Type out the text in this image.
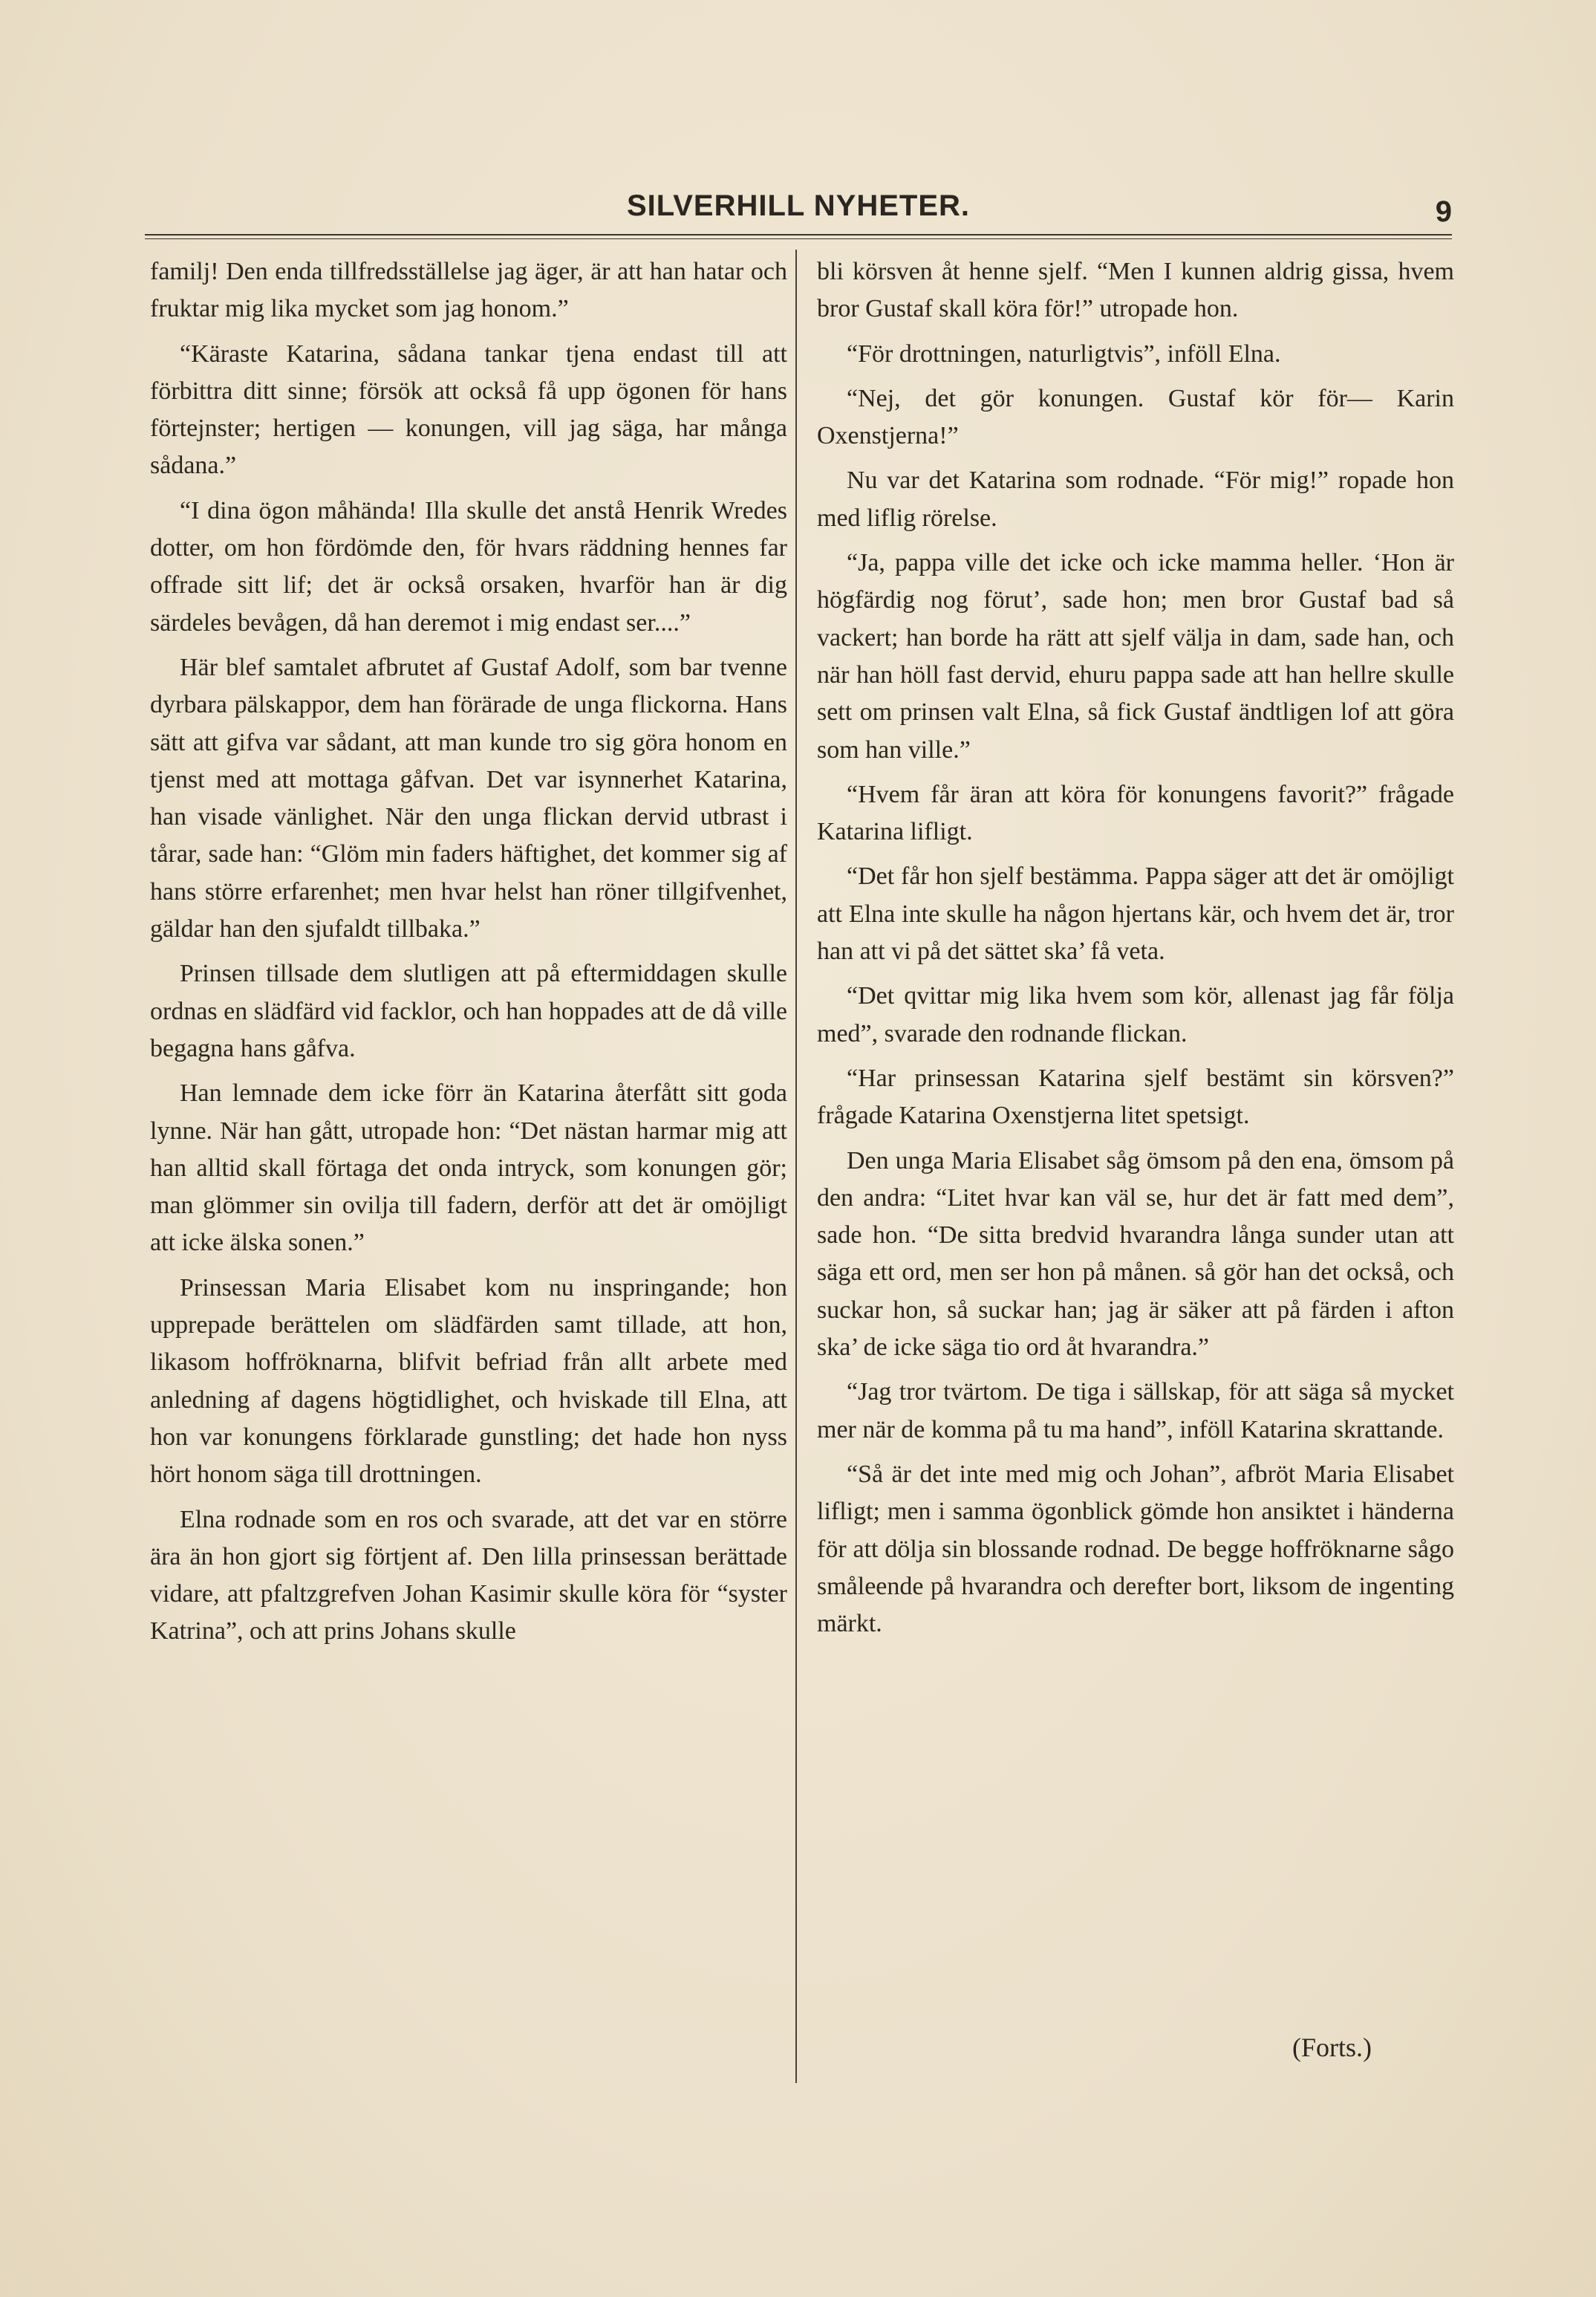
SILVERHILL NYHETER.	9

familj! Den enda tillfredsställelse jag äger, är att han hatar och fruktar mig lika mycket som jag honom.”

“Käraste Katarina, sådana tankar tjena endast till att förbittra ditt sinne; försök att också få upp ögonen för hans förtejnster; hertigen — konungen, vill jag säga, har många sådana.”

“I dina ögon måhända! Illa skulle det anstå Henrik Wredes dotter, om hon fördömde den, för hvars räddning hennes far offrade sitt lif; det är också orsaken, hvarför han är dig särdeles bevågen, då han deremot i mig endast ser....”

Här blef samtalet afbrutet af Gustaf Adolf, som bar tvenne dyrbara pälskappor, dem han förärade de unga flickorna. Hans sätt att gifva var sådant, att man kunde tro sig göra honom en tjenst med att mottaga gåfvan. Det var isynnerhet Katarina, han visade vänlighet. När den unga flickan dervid utbrast i tårar, sade han: “Glöm min faders häftighet, det kommer sig af hans större erfarenhet; men hvar helst han röner tillgifvenhet, gäldar han den sjufaldt tillbaka.”

Prinsen tillsade dem slutligen att på eftermiddagen skulle ordnas en slädfärd vid facklor, och han hoppades att de då ville begagna hans gåfva.

Han lemnade dem icke förr än Katarina återfått sitt goda lynne. När han gått, utropade hon: “Det nästan harmar mig att han alltid skall förtaga det onda intryck, som konungen gör; man glömmer sin ovilja till fadern, derför att det är omöjligt att icke älska sonen.”

Prinsessan Maria Elisabet kom nu inspringande; hon upprepade berättelen om slädfärden samt tillade, att hon, likasom hoffröknarna, blifvit befriad från allt arbete med anledning af dagens högtidlighet, och hviskade till Elna, att hon var konungens förklarade gunstling; det hade hon nyss hört honom säga till drottningen.

Elna rodnade som en ros och svarade, att det var en större ära än hon gjort sig förtjent af. Den lilla prinsessan berättade vidare, att pfaltzgrefven Johan Kasimir skulle köra för “syster Katrina”, och att prins Johans skulle

bli körsven åt henne sjelf. “Men I kunnen aldrig gissa, hvem bror Gustaf skall köra för!” utropade hon.

“För drottningen, naturligtvis”, inföll Elna.

“Nej, det gör konungen. Gustaf kör för— Karin Oxenstjerna!”

Nu var det Katarina som rodnade. “För mig!” ropade hon med liflig rörelse.

“Ja, pappa ville det icke och icke mamma heller. ‘Hon är högfärdig nog förut’, sade hon; men bror Gustaf bad så vackert; han borde ha rätt att sjelf välja in dam, sade han, och när han höll fast dervid, ehuru pappa sade att han hellre skulle sett om prinsen valt Elna, så fick Gustaf ändtligen lof att göra som han ville.”

“Hvem får äran att köra för konungens favorit?” frågade Katarina lifligt.

“Det får hon sjelf bestämma. Pappa säger att det är omöjligt att Elna inte skulle ha någon hjertans kär, och hvem det är, tror han att vi på det sättet ska’ få veta.

“Det qvittar mig lika hvem som kör, allenast jag får följa med”, svarade den rodnande flickan.

“Har prinsessan Katarina sjelf bestämt sin körsven?” frågade Katarina Oxenstjerna litet spetsigt.

Den unga Maria Elisabet såg ömsom på den ena, ömsom på den andra: “Litet hvar kan väl se, hur det är fatt med dem”, sade hon. “De sitta bredvid hvarandra långa sunder utan att säga ett ord, men ser hon på månen. så gör han det också, och suckar hon, så suckar han; jag är säker att på färden i afton ska’ de icke säga tio ord åt hvarandra.”

“Jag tror tvärtom. De tiga i sällskap, för att säga så mycket mer när de komma på tu ma hand”, inföll Katarina skrattande.

“Så är det inte med mig och Johan”, afbröt Maria Elisabet lifligt; men i samma ögonblick gömde hon ansiktet i händerna för att dölja sin blossande rodnad. De begge hoffröknarne sågo småleende på hvarandra och derefter bort, liksom de ingenting märkt.

(Forts.)
